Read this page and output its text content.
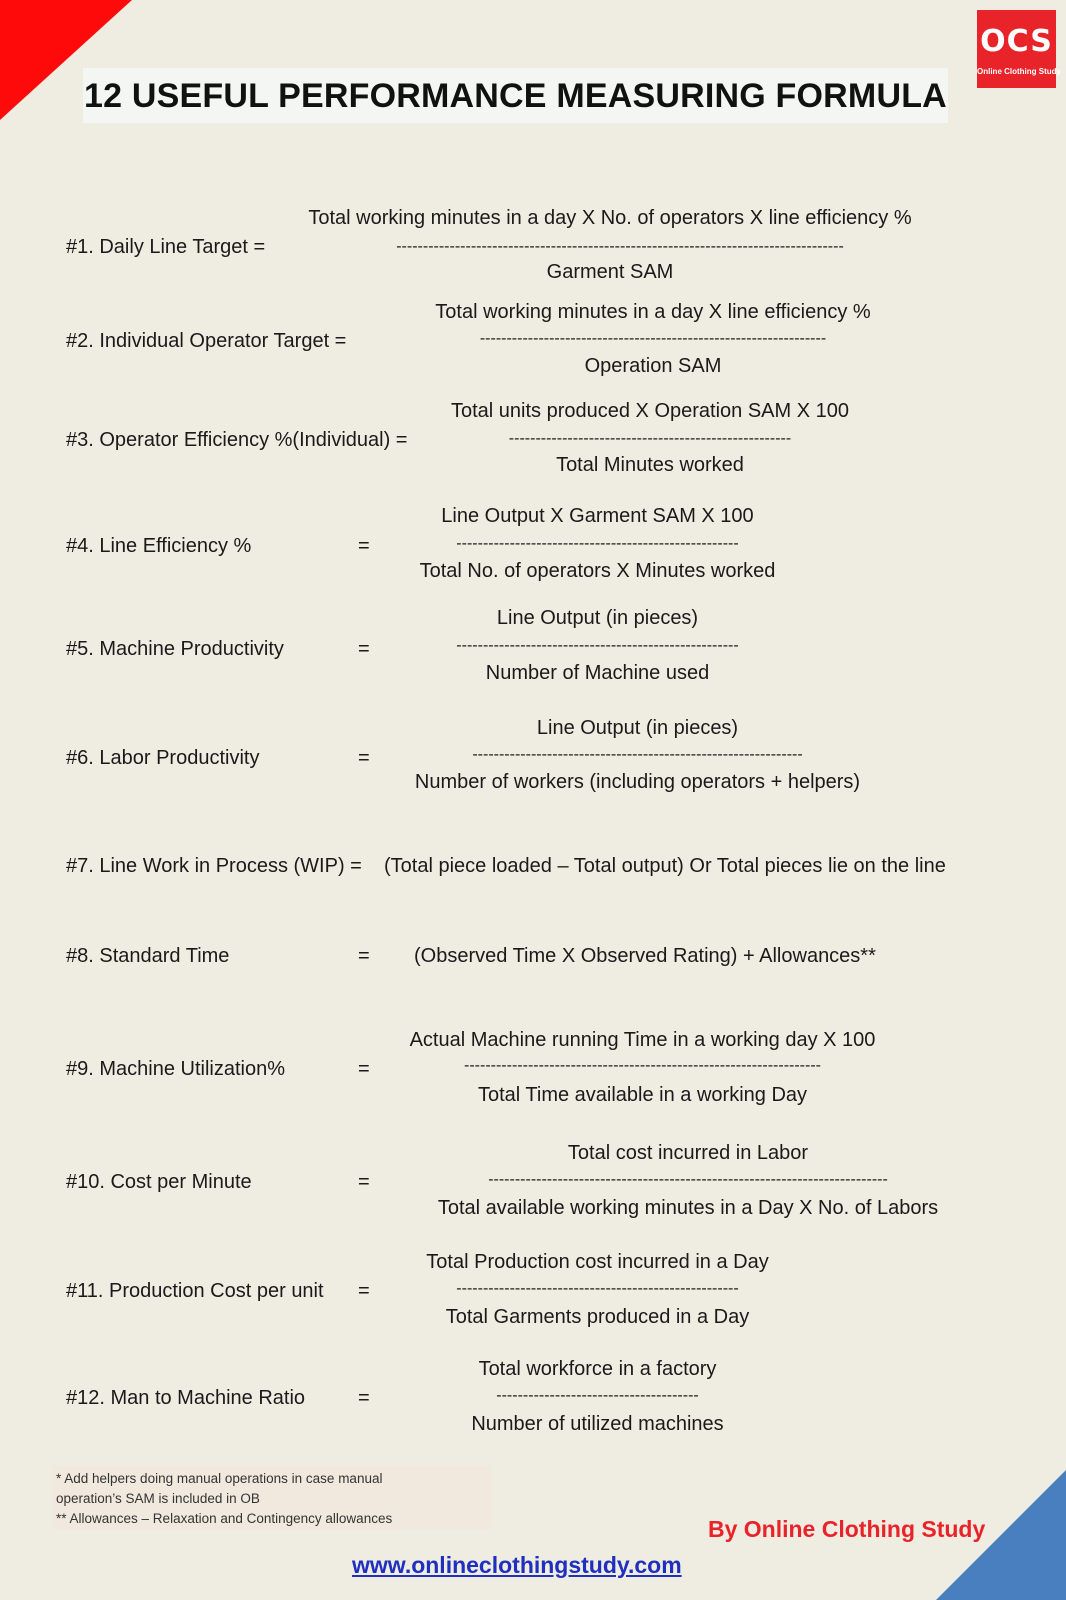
OCS
Online Clothing Study
12 USEFUL PERFORMANCE MEASURING FORMULA
#1. Daily Line Target =
Total working minutes in a day X No. of operators X line efficiency %
------------------------------------------------------------------------------------
Garment SAM
#2. Individual Operator Target =
Total working minutes in a day X line efficiency %
-----------------------------------------------------------------
Operation SAM
#3. Operator Efficiency %(Individual) =
Total units produced X Operation SAM X 100
-----------------------------------------------------
Total Minutes worked
#4. Line Efficiency %	=
Line Output X Garment SAM X 100
-----------------------------------------------------
Total No. of operators X Minutes worked
#5. Machine Productivity	=
Line Output (in pieces)
-----------------------------------------------------
Number of Machine used
#6. Labor Productivity	=
Line Output (in pieces)
--------------------------------------------------------------
Number of workers (including operators + helpers)
#7. Line Work in Process (WIP) = (Total piece loaded – Total output) Or Total pieces lie on the line
#8. Standard Time	= (Observed Time X Observed Rating) + Allowances**
#9. Machine Utilization%	=
Actual Machine running Time in a working day X 100
-------------------------------------------------------------------
Total Time available in a working Day
#10. Cost per Minute	=
Total cost incurred in Labor
---------------------------------------------------------------------------
Total available working minutes in a Day X No. of Labors
#11. Production Cost per unit =
Total Production cost incurred in a Day
-----------------------------------------------------
Total Garments produced in a Day
#12. Man to Machine Ratio	=
Total workforce in a factory
--------------------------------------
Number of utilized machines
* Add helpers doing manual operations in case manual
operation’s SAM is included in OB
** Allowances – Relaxation and Contingency allowances	By Online Clothing Study
www.onlineclothingstudy.com
